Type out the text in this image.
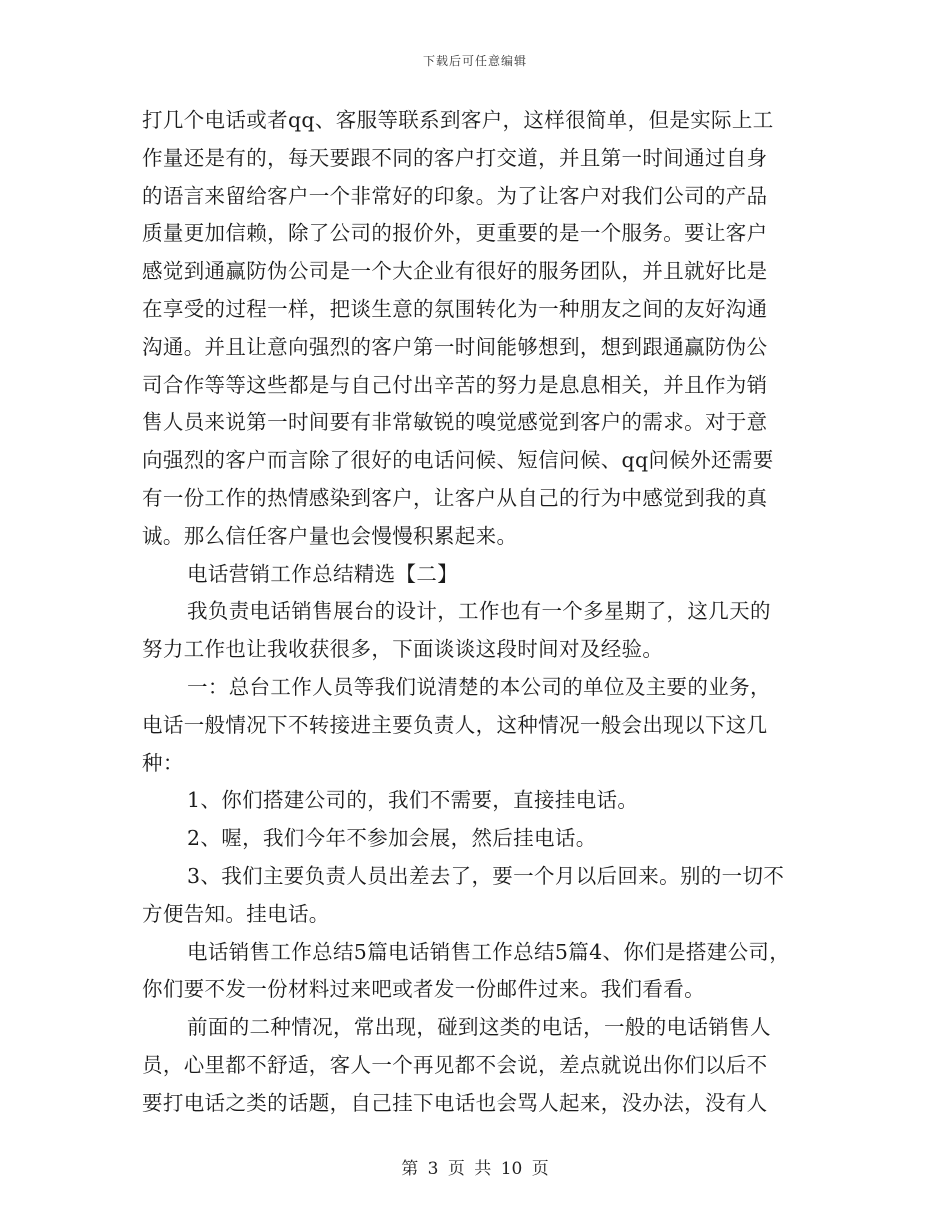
下载后可任意编辑
打几个电话或者qq、客服等联系到客户，这样很简单，但是实际上工
作量还是有的，每天要跟不同的客户打交道，并且第一时间通过自身
的语言来留给客户一个非常好的印象。为了让客户对我们公司的产品
质量更加信赖，除了公司的报价外，更重要的是一个服务。要让客户
感觉到通赢防伪公司是一个大企业有很好的服务团队，并且就好比是
在享受的过程一样，把谈生意的氛围转化为一种朋友之间的友好沟通
沟通。并且让意向强烈的客户第一时间能够想到，想到跟通赢防伪公
司合作等等这些都是与自己付出辛苦的努力是息息相关，并且作为销
售人员来说第一时间要有非常敏锐的嗅觉感觉到客户的需求。对于意
向强烈的客户而言除了很好的电话问候、短信问候、qq问候外还需要
有一份工作的热情感染到客户，让客户从自己的行为中感觉到我的真
诚。那么信任客户量也会慢慢积累起来。
电话营销工作总结精选【二】
我负责电话销售展台的设计，工作也有一个多星期了，这几天的
努力工作也让我收获很多，下面谈谈这段时间对及经验。
一：总台工作人员等我们说清楚的本公司的单位及主要的业务，
电话一般情况下不转接进主要负责人，这种情况一般会出现以下这几
种：
1、你们搭建公司的，我们不需要，直接挂电话。
2、喔，我们今年不参加会展，然后挂电话。
3、我们主要负责人员出差去了，要一个月以后回来。别的一切不
方便告知。挂电话。
电话销售工作总结5篇电话销售工作总结5篇4、你们是搭建公司，
你们要不发一份材料过来吧或者发一份邮件过来。我们看看。
前面的二种情况，常出现，碰到这类的电话，一般的电话销售人
员，心里都不舒适，客人一个再见都不会说，差点就说出你们以后不
要打电话之类的话题，自己挂下电话也会骂人起来，没办法，没有人
第 3 页 共 10 页
